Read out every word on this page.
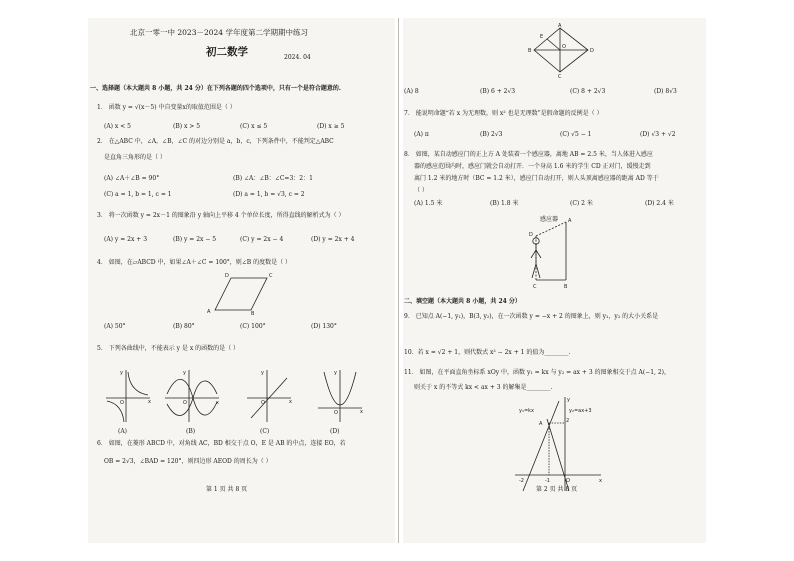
北京一零一中 2023－2024 学年度第二学期期中练习
初二数学	2024. 04
一、选择题（本大题共 8 小题，共 24 分）在下列各题的四个选项中，只有一个是符合题意的.
1． 函数 y = √(x－5) 中自变量x的取值范围是（ ）
(A) x < 5	(B) x > 5	(C) x ≤ 5	(D) x ≥ 5
2． 在△ABC 中，∠A，∠B，∠C 的对边分别是 a，b，c，下列条件中，不能判定△ABC
是直角三角形的是（ ）
(A) ∠A＋∠B = 90°	(B) ∠A：∠B：∠C=3：2：1
(C) a = 1, b = 1, c = 1	(D) a = 1, b = √3, c = 2
3． 将一次函数 y = 2x－1 的图象沿 y 轴向上平移 4 个单位长度，所得直线的解析式为（ ）
(A) y = 2x + 3	(B) y = 2x − 5	(C) y = 2x − 4	(D) y = 2x + 4
4． 如图，在▱ABCD 中，如果∠A＋∠C = 100°，则∠B 的度数是（ ）
A
D	C
B
(A) 50°	(B) 80°	(C) 100°	(D) 130°
5． 下列各曲线中，不能表示 y 是 x 的函数的是（ ）
O	x
y
(A)
O	x
y
(B)
O	x
y
(C)
O	x
y
(D)
6． 如图，在菱形 ABCD 中，对角线 AC，BD 相交于点 O，E 是 AB 的中点，连接 EO，若
OB = 2√3，∠BAD = 120°，则四边形 AEOD 的周长为（ ）
第 1 页 共 8 页
A
B	D
C
E
O
(A) 8	(B) 6 + 2√3	(C) 8 + 2√3	(D) 8√3
7． 能说明命题“若 x 为无理数，则 x² 也是无理数”是假命题的反例是（ ）
(A) π	(B) 2√3	(C) √5 − 1	(D) √3 + √2
8． 如图，某自动感应门的正上方 A 处装着一个感应器，离地 AB = 2.5 米，当人体进入感应
器的感应范围内时，感应门就会自动打开．一个身高 1.6 米的学生 CD 正对门，缓慢走到
离门 1.2 米的地方时（BC = 1.2 米），感应门自动打开，则人头顶离感应器的距离 AD 等于
（ ）
(A) 1.5 米	(B) 1.8 米	(C) 2 米	(D) 2.4 米
感应器 A
D
C	B
二、填空题（本大题共 8 小题，共 24 分）
9． 已知点 A(−1, y₁)，B(3, y₂)，在一次函数 y = −x + 2 的图象上，则 y₁，y₂ 的大小关系是
10．若 x = √2 + 1，则代数式 x² − 2x + 1 的值为________.
11． 如图，在平面直角坐标系 xOy 中，函数 y₁ = kx 与 y₂ = ax + 3 的图象相交于点 A(−1, 2)，
则关于 x 的不等式 kx < ax + 3 的解集是________.
y₁=kx	y₂=ax+3
A	2
-1	O
-2	x
y
第 2 页 共 8 页
